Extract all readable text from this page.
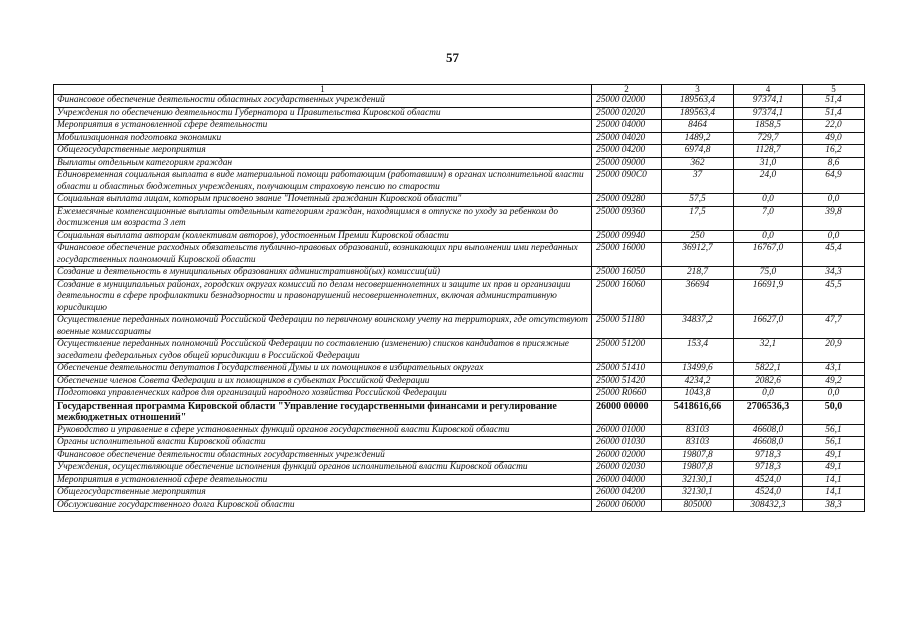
57
1	2	3	4	5
Финансовое обеспечение деятельности областных государственных учреждений	25000 02000	189563,4	97374,1	51,4
Учреждения по обеспечению деятельности Губернатора и Правительства Кировской области	25000 02020	189563,4	97374,1	51,4
Мероприятия в установленной сфере деятельности	25000 04000	8464	1858,5	22,0
Мобилизационная подготовка экономики	25000 04020	1489,2	729,7	49,0
Общегосударственные мероприятия	25000 04200	6974,8	1128,7	16,2
Выплаты отдельным категориям граждан	25000 09000	362	31,0	8,6
Единовременная социальная выплата в виде материальной помощи работающим (работавшим) в органах исполнительной власти области и областных бюджетных учреждениях, получающим страховую пенсию по старости	25000 090С0	37	24,0	64,9
Социальная выплата лицам, которым присвоено звание "Почетный гражданин Кировской области"	25000 09280	57,5	0,0	0,0
Ежемесячные компенсационные выплаты отдельным категориям граждан, находящимся в отпуске по уходу за ребенком до достижения им возраста 3 лет	25000 09360	17,5	7,0	39,8
Социальная выплата авторам (коллективам авторов), удостоенным Премии Кировской области	25000 09940	250	0,0	0,0
Финансовое обеспечение расходных обязательств публично-правовых образований, возникающих при выполнении ими переданных государственных полномочий Кировской области	25000 16000	36912,7	16767,0	45,4
Создание и деятельность в муниципальных образованиях административной(ых) комиссии(ий)	25000 16050	218,7	75,0	34,3
Создание в муниципальных районах, городских округах комиссий по делам несовершеннолетних и защите их прав и организации деятельности в сфере профилактики безнадзорности и правонарушений несовершеннолетних, включая административную юрисдикцию	25000 16060	36694	16691,9	45,5
Осуществление переданных полномочий Российской Федерации по первичному воинскому учету на территориях, где отсутствуют военные комиссариаты	25000 51180	34837,2	16627,0	47,7
Осуществление переданных полномочий Российской Федерации по составлению (изменению) списков кандидатов в присяжные заседатели федеральных судов общей юрисдикции в Российской Федерации	25000 51200	153,4	32,1	20,9
Обеспечение деятельности депутатов Государственной Думы и их помощников в избирательных округах	25000 51410	13499,6	5822,1	43,1
Обеспечение членов Совета Федерации и их помощников в субъектах Российской Федерации	25000 51420	4234,2	2082,6	49,2
Подготовка управленческих кадров для организаций народного хозяйства Российской Федерации	25000 R0660	1043,8	0,0	0,0
Государственная программа Кировской области "Управление государственными финансами и регулирование межбюджетных отношений"	26000 00000	5418616,66	2706536,3	50,0
Руководство и управление в сфере установленных функций органов государственной власти Кировской области	26000 01000	83103	46608,0	56,1
Органы исполнительной власти Кировской области	26000 01030	83103	46608,0	56,1
Финансовое обеспечение деятельности областных государственных учреждений	26000 02000	19807,8	9718,3	49,1
Учреждения, осуществляющие обеспечение исполнения функций органов исполнительной власти Кировской области	26000 02030	19807,8	9718,3	49,1
Мероприятия в установленной сфере деятельности	26000 04000	32130,1	4524,0	14,1
Общегосударственные мероприятия	26000 04200	32130,1	4524,0	14,1
Обслуживание государственного долга Кировской области	26000 06000	805000	308432,3	38,3
